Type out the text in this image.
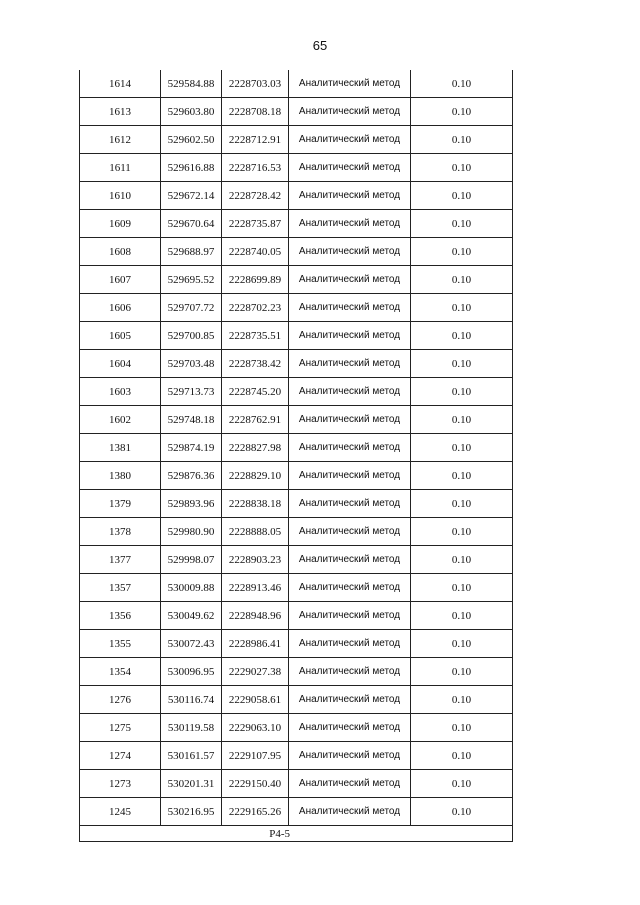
65
1614	529584.88	2228703.03	Аналитический метод	0.10
1613	529603.80	2228708.18	Аналитический метод	0.10
1612	529602.50	2228712.91	Аналитический метод	0.10
1611	529616.88	2228716.53	Аналитический метод	0.10
1610	529672.14	2228728.42	Аналитический метод	0.10
1609	529670.64	2228735.87	Аналитический метод	0.10
1608	529688.97	2228740.05	Аналитический метод	0.10
1607	529695.52	2228699.89	Аналитический метод	0.10
1606	529707.72	2228702.23	Аналитический метод	0.10
1605	529700.85	2228735.51	Аналитический метод	0.10
1604	529703.48	2228738.42	Аналитический метод	0.10
1603	529713.73	2228745.20	Аналитический метод	0.10
1602	529748.18	2228762.91	Аналитический метод	0.10
1381	529874.19	2228827.98	Аналитический метод	0.10
1380	529876.36	2228829.10	Аналитический метод	0.10
1379	529893.96	2228838.18	Аналитический метод	0.10
1378	529980.90	2228888.05	Аналитический метод	0.10
1377	529998.07	2228903.23	Аналитический метод	0.10
1357	530009.88	2228913.46	Аналитический метод	0.10
1356	530049.62	2228948.96	Аналитический метод	0.10
1355	530072.43	2228986.41	Аналитический метод	0.10
1354	530096.95	2229027.38	Аналитический метод	0.10
1276	530116.74	2229058.61	Аналитический метод	0.10
1275	530119.58	2229063.10	Аналитический метод	0.10
1274	530161.57	2229107.95	Аналитический метод	0.10
1273	530201.31	2229150.40	Аналитический метод	0.10
1245	530216.95	2229165.26	Аналитический метод	0.10
Р4-5				
